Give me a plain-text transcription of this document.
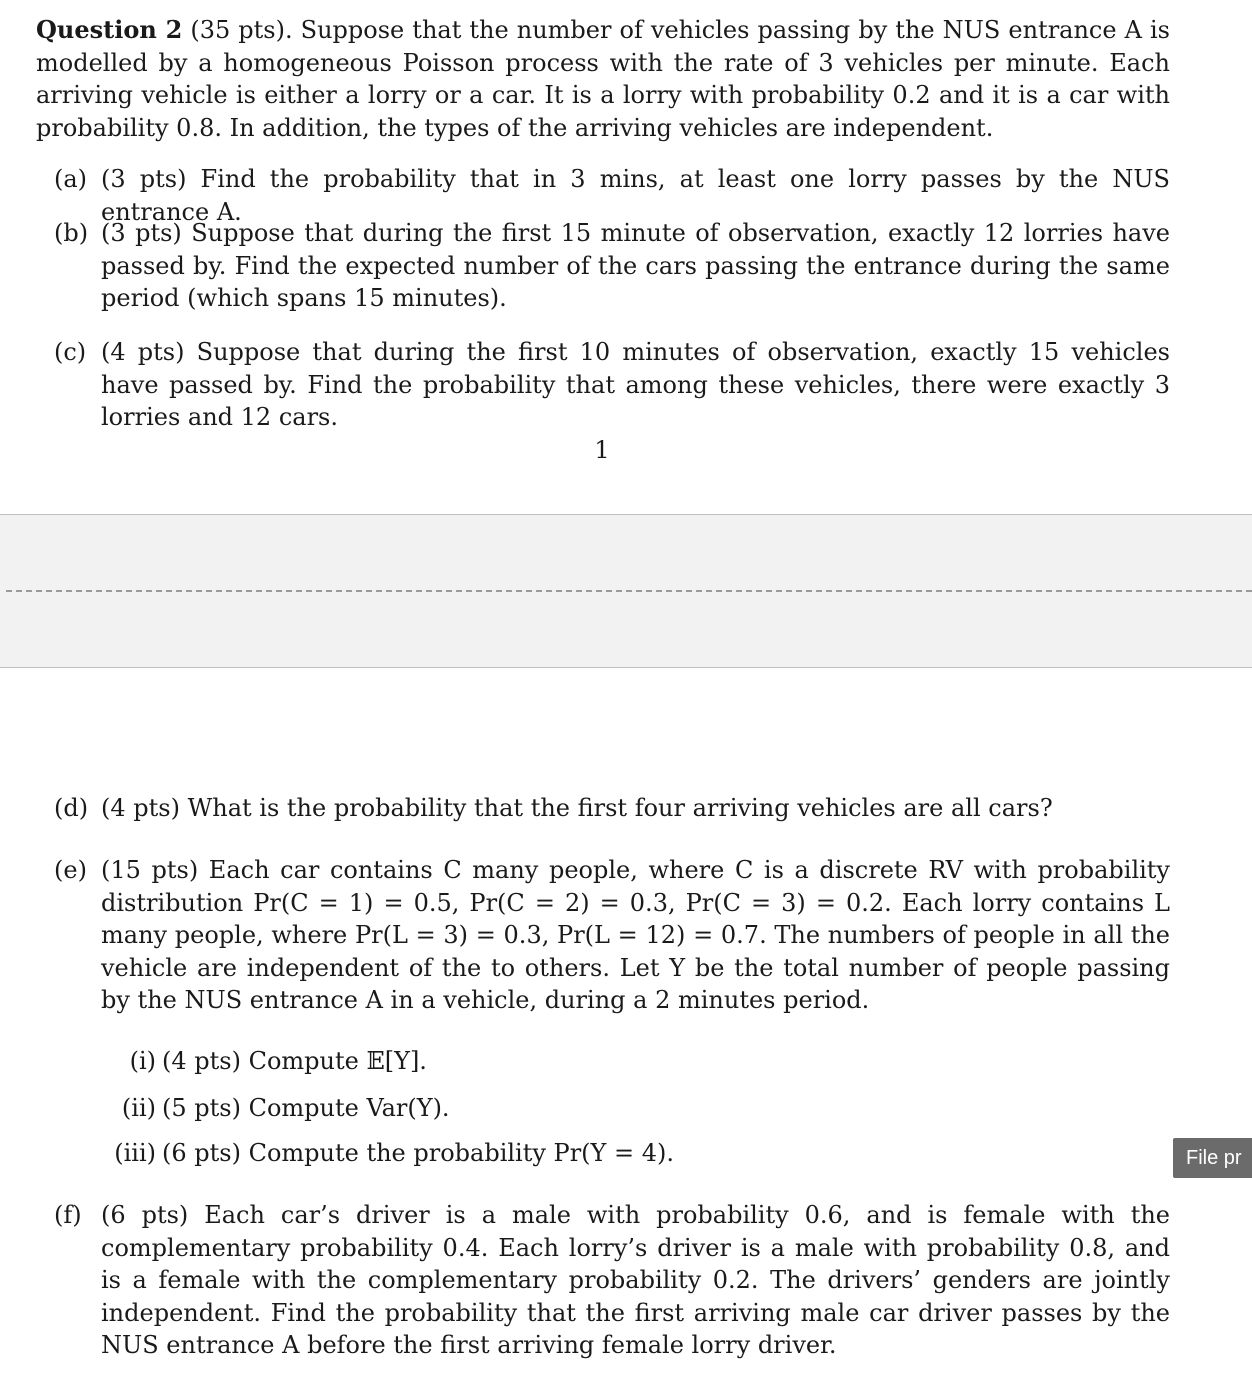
Question 2 (35 pts). Suppose that the number of vehicles passing by the NUS entrance A is modelled by a homogeneous Poisson process with the rate of 3 vehicles per minute. Each arriving vehicle is either a lorry or a car. It is a lorry with probability 0.2 and it is a car with probability 0.8. In addition, the types of the arriving vehicles are independent.
(a) (3 pts) Find the probability that in 3 mins, at least one lorry passes by the NUS entrance A.
(b) (3 pts) Suppose that during the first 15 minute of observation, exactly 12 lorries have passed by. Find the expected number of the cars passing the entrance during the same period (which spans 15 minutes).
(c) (4 pts) Suppose that during the first 10 minutes of observation, exactly 15 vehicles have passed by. Find the probability that among these vehicles, there were exactly 3 lorries and 12 cars.
1
(d) (4 pts) What is the probability that the first four arriving vehicles are all cars?
(e) (15 pts) Each car contains C many people, where C is a discrete RV with probability distribution Pr(C = 1) = 0.5, Pr(C = 2) = 0.3, Pr(C = 3) = 0.2. Each lorry contains L many people, where Pr(L = 3) = 0.3, Pr(L = 12) = 0.7. The numbers of people in all the vehicle are independent of the to others. Let Y be the total number of people passing by the NUS entrance A in a vehicle, during a 2 minutes period.
(i) (4 pts) Compute 𝔼[Y].
(ii) (5 pts) Compute Var(Y).
(iii) (6 pts) Compute the probability Pr(Y = 4).
(f) (6 pts) Each car’s driver is a male with probability 0.6, and is female with the complementary probability 0.4. Each lorry’s driver is a male with probability 0.8, and is a female with the complementary probability 0.2. The drivers’ genders are jointly independent. Find the probability that the first arriving male car driver passes by the NUS entrance A before the first arriving female lorry driver.
File pr
